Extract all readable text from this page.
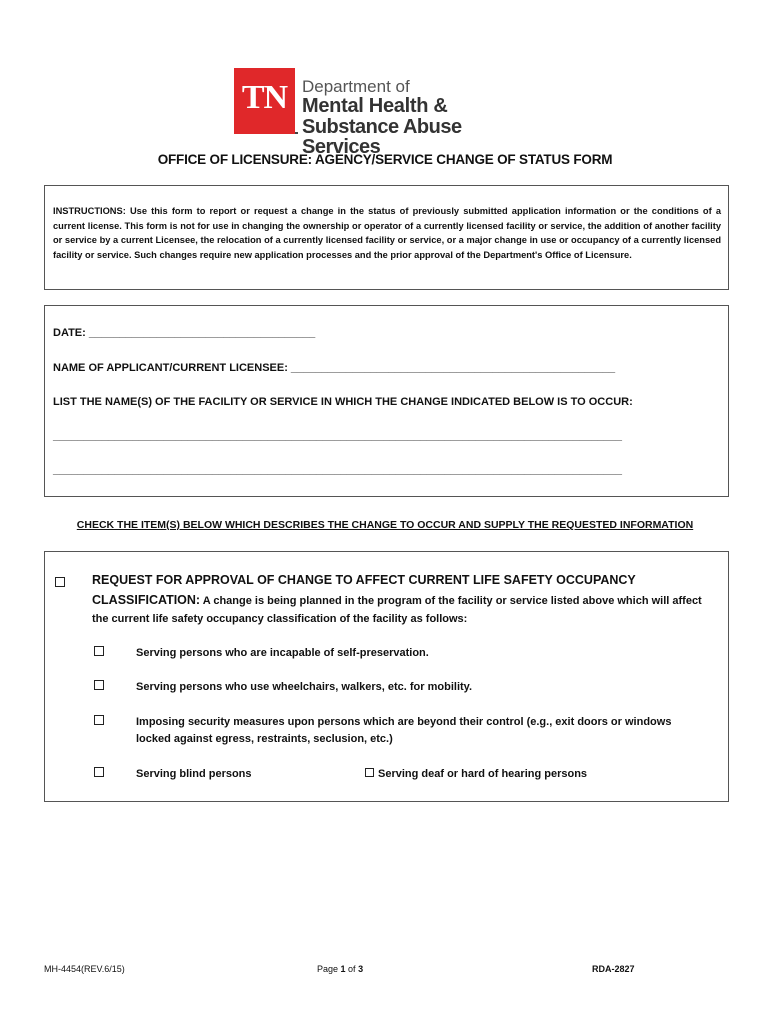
TN Department of
Mental Health &
Substance Abuse Services
OFFICE OF LICENSURE: AGENCY/SERVICE CHANGE OF STATUS FORM
INSTRUCTIONS: Use this form to report or request a change in the status of previously submitted application information or the conditions of a current license. This form is not for use in changing the ownership or operator of a currently licensed facility or service, the addition of another facility or service by a current Licensee, the relocation of a currently licensed facility or service, or a major change in use or occupancy of a currently licensed facility or service. Such changes require new application processes and the prior approval of the Department's Office of Licensure.
DATE: _____________________________________
NAME OF APPLICANT/CURRENT LICENSEE: _____________________________________________________
LIST THE NAME(S) OF THE FACILITY OR SERVICE IN WHICH THE CHANGE INDICATED BELOW IS TO OCCUR:
_____________________________________________________________________________________________
_____________________________________________________________________________________________
CHECK THE ITEM(S) BELOW WHICH DESCRIBES THE CHANGE TO OCCUR AND SUPPLY THE REQUESTED INFORMATION
REQUEST FOR APPROVAL OF CHANGE TO AFFECT CURRENT LIFE SAFETY OCCUPANCY
CLASSIFICATION: A change is being planned in the program of the facility or service listed above which will affect the current life safety occupancy classification of the facility as follows:
Serving persons who are incapable of self-preservation.
Serving persons who use wheelchairs, walkers, etc. for mobility.
Imposing security measures upon persons which are beyond their control (e.g., exit doors or windows locked against egress, restraints, seclusion, etc.)
Serving blind persons	Serving deaf or hard of hearing persons
MH-4454(REV.6/15)	Page 1 of 3	RDA-2827
